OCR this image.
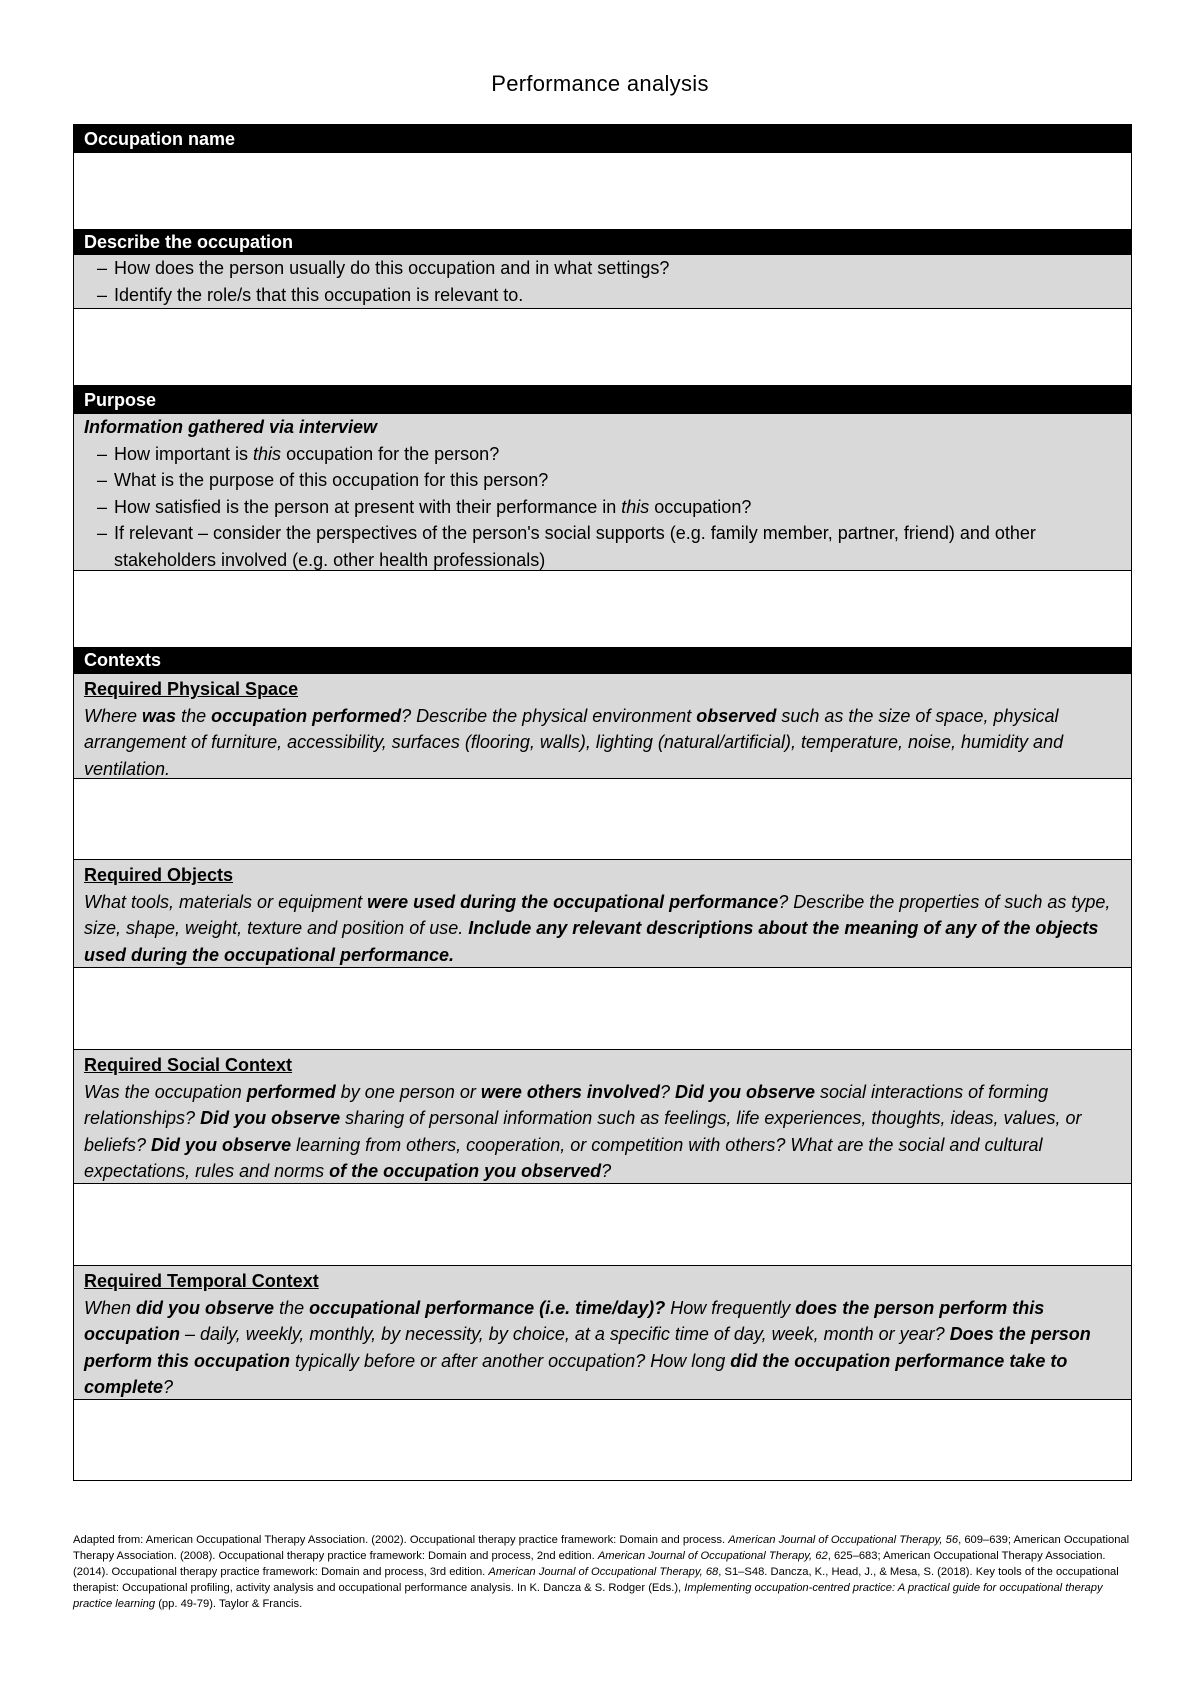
Performance analysis
Occupation name
Describe the occupation
– How does the person usually do this occupation and in what settings?
– Identify the role/s that this occupation is relevant to.
Purpose
Information gathered via interview
– How important is this occupation for the person?
– What is the purpose of this occupation for this person?
– How satisfied is the person at present with their performance in this occupation?
– If relevant – consider the perspectives of the person's social supports (e.g. family member, partner, friend) and other stakeholders involved (e.g. other health professionals)
Contexts
Required Physical Space
Where was the occupation performed? Describe the physical environment observed such as the size of space, physical arrangement of furniture, accessibility, surfaces (flooring, walls), lighting (natural/artificial), temperature, noise, humidity and ventilation.
Required Objects
What tools, materials or equipment were used during the occupational performance? Describe the properties of such as type, size, shape, weight, texture and position of use. Include any relevant descriptions about the meaning of any of the objects used during the occupational performance.
Required Social Context
Was the occupation performed by one person or were others involved? Did you observe social interactions of forming relationships? Did you observe sharing of personal information such as feelings, life experiences, thoughts, ideas, values, or beliefs? Did you observe learning from others, cooperation, or competition with others? What are the social and cultural expectations, rules and norms of the occupation you observed?
Required Temporal Context
When did you observe the occupational performance (i.e. time/day)? How frequently does the person perform this occupation – daily, weekly, monthly, by necessity, by choice, at a specific time of day, week, month or year? Does the person perform this occupation typically before or after another occupation? How long did the occupation performance take to complete?
Adapted from: American Occupational Therapy Association. (2002). Occupational therapy practice framework: Domain and process. American Journal of Occupational Therapy, 56, 609–639; American Occupational Therapy Association. (2008). Occupational therapy practice framework: Domain and process, 2nd edition. American Journal of Occupational Therapy, 62, 625–683; American Occupational Therapy Association. (2014). Occupational therapy practice framework: Domain and process, 3rd edition. American Journal of Occupational Therapy, 68, S1–S48. Dancza, K., Head, J., & Mesa, S. (2018). Key tools of the occupational therapist: Occupational profiling, activity analysis and occupational performance analysis. In K. Dancza & S. Rodger (Eds.), Implementing occupation-centred practice: A practical guide for occupational therapy practice learning (pp. 49-79). Taylor & Francis.
